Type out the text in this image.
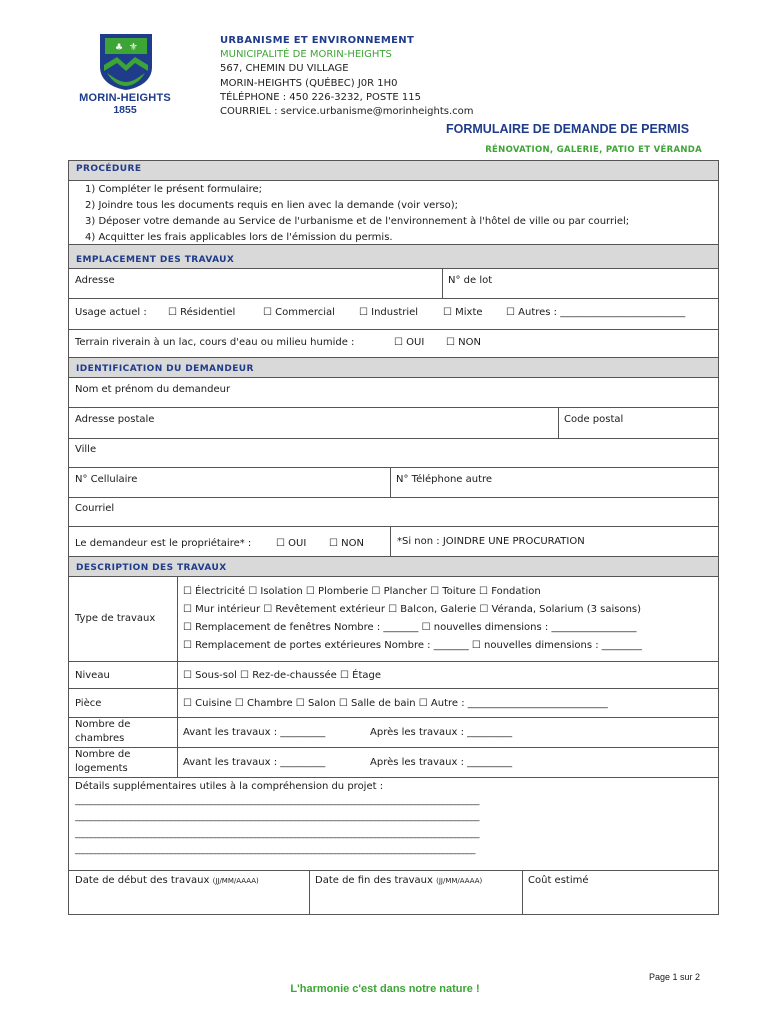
♣ ⚜
MORIN-HEIGHTS
1855
URBANISME ET ENVIRONNEMENT
MUNICIPALITÉ DE MORIN-HEIGHTS
567, CHEMIN DU VILLAGE
MORIN-HEIGHTS (QUÉBEC) J0R 1H0
TÉLÉPHONE : 450 226-3232, POSTE 115
COURRIEL : service.urbanisme@morinheights.com
FORMULAIRE DE DEMANDE DE PERMIS
RÉNOVATION, GALERIE, PATIO ET VÉRANDA
PROCÉDURE
1) Compléter le présent formulaire;
2) Joindre tous les documents requis en lien avec la demande (voir verso);
3) Déposer votre demande au Service de l'urbanisme et de l'environnement à l'hôtel de ville ou par courriel;
4) Acquitter les frais applicables lors de l'émission du permis.
EMPLACEMENT DES TRAVAUX
Adresse	N° de lot
Usage actuel : ☐ Résidentiel	☐ Commercial ☐ Industriel ☐ Mixte ☐ Autres : _________________________
Terrain riverain à un lac, cours d'eau ou milieu humide :	☐ OUI ☐ NON
IDENTIFICATION DU DEMANDEUR
Nom et prénom du demandeur
Adresse postale	Code postal
Ville
N° Cellulaire	N° Téléphone autre
Courriel
Le demandeur est le propriétaire* : ☐ OUI ☐ NON	*Si non : JOINDRE UNE PROCURATION
DESCRIPTION DES TRAVAUX
Type de travaux
☐ Électricité ☐ Isolation ☐ Plomberie ☐ Plancher ☐ Toiture ☐ Fondation
☐ Mur intérieur ☐ Revêtement extérieur ☐ Balcon, Galerie ☐ Véranda, Solarium (3 saisons)
☐ Remplacement de fenêtres Nombre : _______ ☐ nouvelles dimensions : _________________
☐ Remplacement de portes extérieures Nombre : _______ ☐ nouvelles dimensions : ________
Niveau	☐ Sous-sol ☐ Rez-de-chaussée ☐ Étage
Pièce	☐ Cuisine ☐ Chambre ☐ Salon ☐ Salle de bain ☐ Autre : ____________________________
Nombre de
chambres
Avant les travaux : _________	Après les travaux : _________
Nombre de
logements
Avant les travaux : _________	Après les travaux : _________
Détails supplémentaires utiles à la compréhension du projet :
_____________________________________________________________________________________________________
_____________________________________________________________________________________________________
_____________________________________________________________________________________________________
____________________________________________________________________________________________________
Date de début des travaux (JJ/MM/AAAA)	Date de fin des travaux (JJ/MM/AAAA)	Coût estimé
Page 1 sur 2
L'harmonie c'est dans notre nature !
